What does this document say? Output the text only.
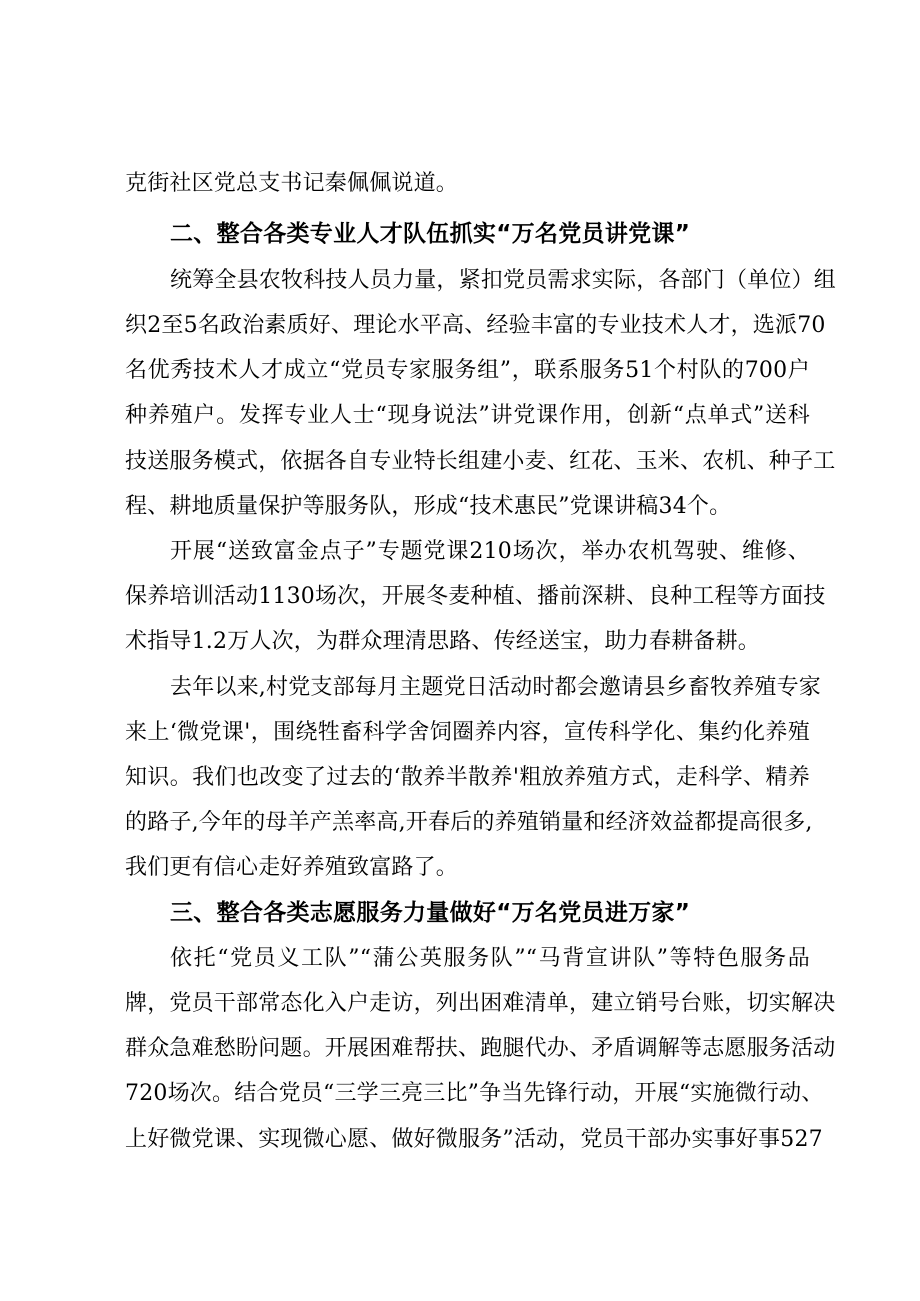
克街社区党总支书记秦佩佩说道。
二、整合各类专业人才队伍抓实“万名党员讲党课”
统筹全县农牧科技人员力量，紧扣党员需求实际，各部门（单位）组
织2至5名政治素质好、理论水平高、经验丰富的专业技术人才，选派70
名优秀技术人才成立“党员专家服务组”，联系服务51个村队的700户
种养殖户。发挥专业人士“现身说法”讲党课作用，创新“点单式”送科
技送服务模式，依据各自专业特长组建小麦、红花、玉米、农机、种子工
程、耕地质量保护等服务队，形成“技术惠民”党课讲稿34个。
开展“送致富金点子”专题党课210场次，举办农机驾驶、维修、
保养培训活动1130场次，开展冬麦种植、播前深耕、良种工程等方面技
术指导1.2万人次，为群众理清思路、传经送宝，助力春耕备耕。
去年以来,村党支部每月主题党日活动时都会邀请县乡畜牧养殖专家
来上‘微党课'，围绕牲畜科学舍饲圈养内容，宣传科学化、集约化养殖
知识。我们也改变了过去的‘散养半散养'粗放养殖方式，走科学、精养
的路子,今年的母羊产羔率高,开春后的养殖销量和经济效益都提高很多,
我们更有信心走好养殖致富路了。
三、整合各类志愿服务力量做好“万名党员进万家”
依托“党员义工队”“蒲公英服务队”“马背宣讲队”等特色服务品
牌，党员干部常态化入户走访，列出困难清单，建立销号台账，切实解决
群众急难愁盼问题。开展困难帮扶、跑腿代办、矛盾调解等志愿服务活动
720场次。结合党员“三学三亮三比”争当先锋行动，开展“实施微行动、
上好微党课、实现微心愿、做好微服务”活动，党员干部办实事好事527
